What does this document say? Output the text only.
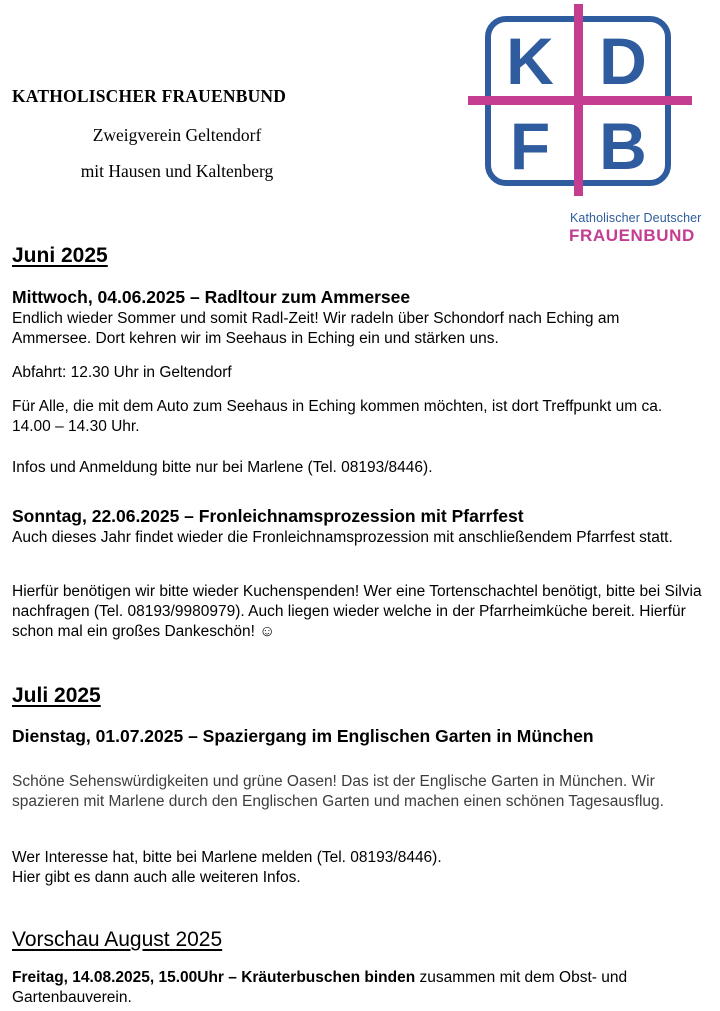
KATHOLISCHER FRAUENBUND
Zweigverein Geltendorf
mit Hausen und Kaltenberg
K D
F B
Katholischer Deutscher
FRAUENBUND
Juni 2025
Mittwoch, 04.06.2025 – Radltour zum Ammersee
Endlich wieder Sommer und somit Radl-Zeit! Wir radeln über Schondorf nach Eching am Ammersee. Dort kehren wir im Seehaus in Eching ein und stärken uns.
Abfahrt: 12.30 Uhr in Geltendorf
Für Alle, die mit dem Auto zum Seehaus in Eching kommen möchten, ist dort Treffpunkt um ca. 14.00 – 14.30 Uhr.
Infos und Anmeldung bitte nur bei Marlene (Tel. 08193/8446).
Sonntag, 22.06.2025 – Fronleichnamsprozession mit Pfarrfest
Auch dieses Jahr findet wieder die Fronleichnamsprozession mit anschließendem Pfarrfest statt.
Hierfür benötigen wir bitte wieder Kuchenspenden! Wer eine Tortenschachtel benötigt, bitte bei Silvia nachfragen (Tel. 08193/9980979). Auch liegen wieder welche in der Pfarrheimküche bereit. Hierfür schon mal ein großes Dankeschön! ☺
Juli 2025
Dienstag, 01.07.2025 – Spaziergang im Englischen Garten in München
Schöne Sehenswürdigkeiten und grüne Oasen! Das ist der Englische Garten in München. Wir spazieren mit Marlene durch den Englischen Garten und machen einen schönen Tagesausflug.
Wer Interesse hat, bitte bei Marlene melden (Tel. 08193/8446).
Hier gibt es dann auch alle weiteren Infos.
Vorschau August 2025
Freitag, 14.08.2025, 15.00Uhr – Kräuterbuschen binden zusammen mit dem Obst- und Gartenbauverein.
